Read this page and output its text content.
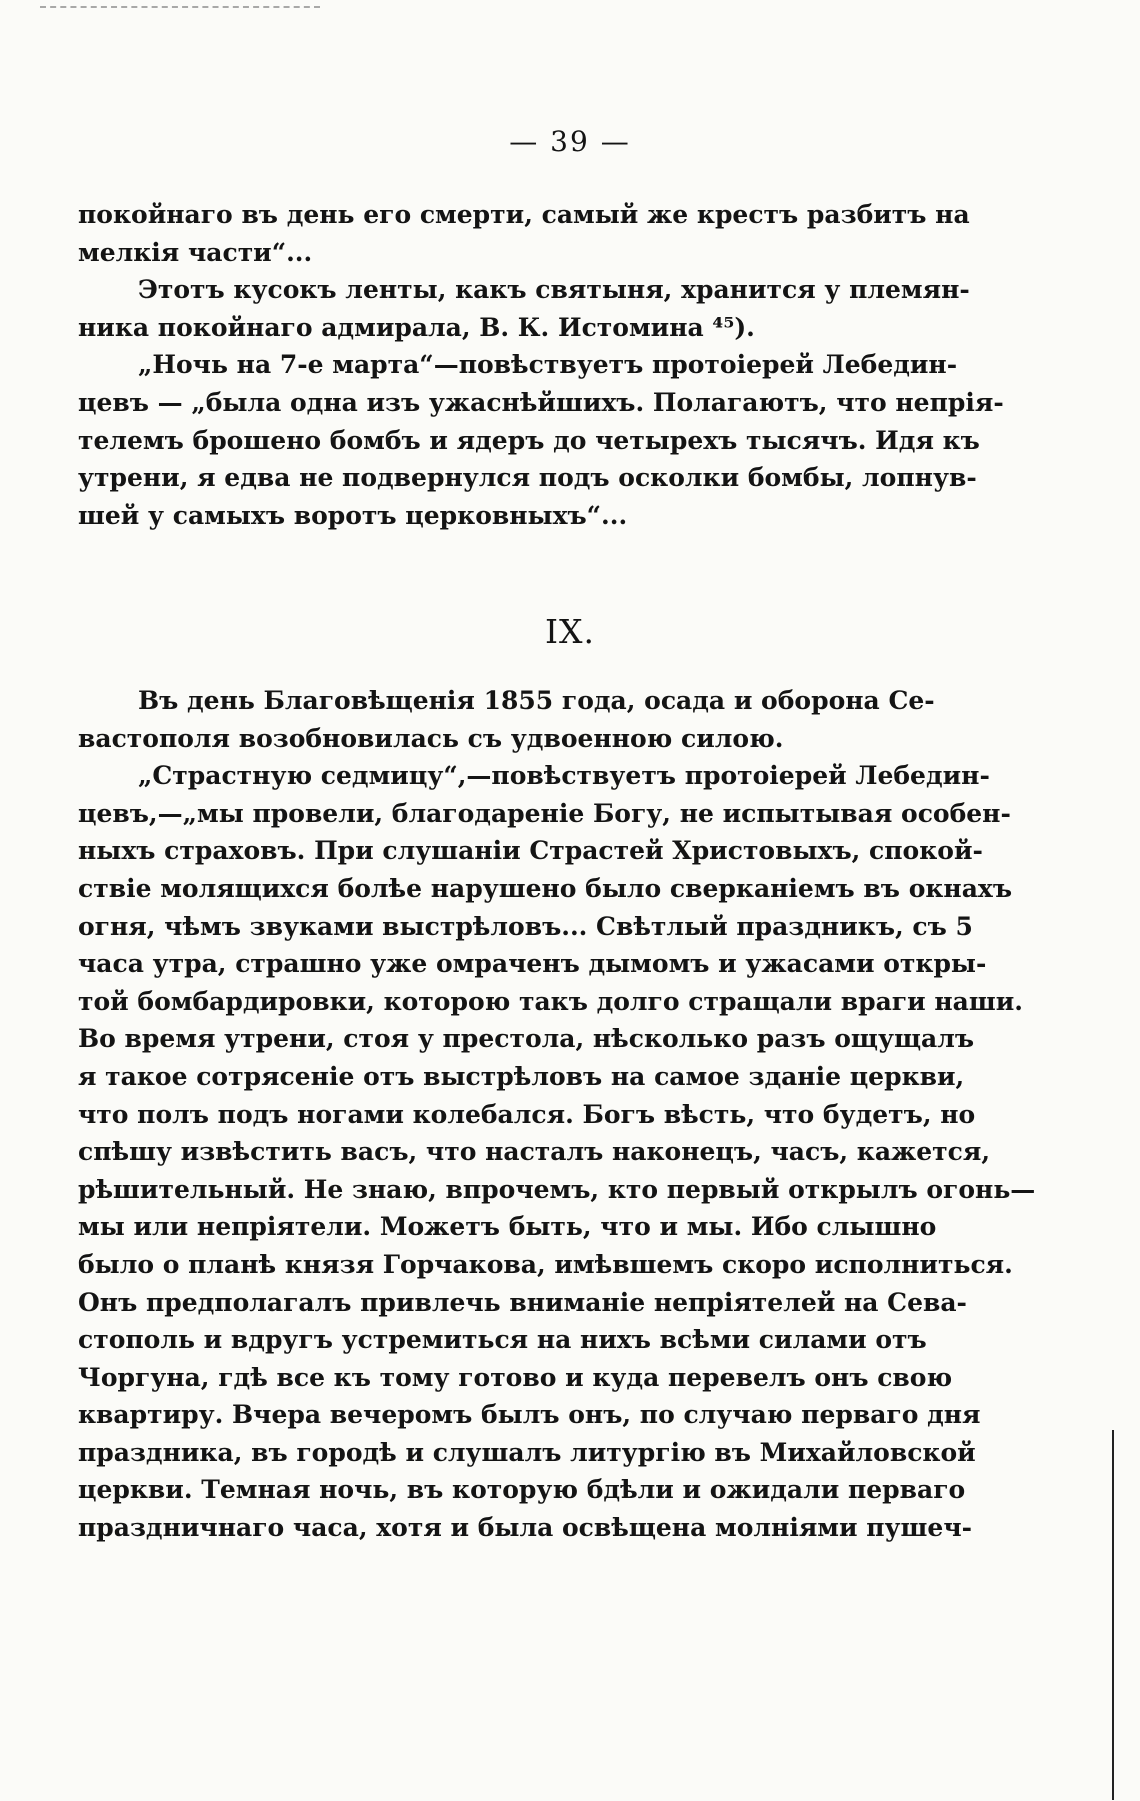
— 39 —
покойнаго въ день его смерти, самый же крестъ разбитъ на
мелкія части“...
Этотъ кусокъ ленты, какъ святыня, хранится у племян-
ника покойнаго адмирала, В. К. Истомина ⁴⁵).
„Ночь на 7-е марта“—повѣствуетъ протоіерей Лебедин-
цевъ — „была одна изъ ужаснѣйшихъ. Полагаютъ, что непрія-
телемъ брошено бомбъ и ядеръ до четырехъ тысячъ. Идя къ
утрени, я едва не подвернулся подъ осколки бомбы, лопнув-
шей у самыхъ воротъ церковныхъ“...
IX.
Въ день Благовѣщенія 1855 года, осада и оборона Се-
вастополя возобновилась съ удвоенною силою.
„Страстную седмицу“,—повѣствуетъ протоіерей Лебедин-
цевъ,—„мы провели, благодареніе Богу, не испытывая особен-
ныхъ страховъ. При слушаніи Страстей Христовыхъ, спокой-
ствіе молящихся болѣе нарушено было сверканіемъ въ окнахъ
огня, чѣмъ звуками выстрѣловъ... Свѣтлый праздникъ, съ 5
часа утра, страшно уже омраченъ дымомъ и ужасами откры-
той бомбардировки, которою такъ долго стращали враги наши.
Во время утрени, стоя у престола, нѣсколько разъ ощущалъ
я такое сотрясеніе отъ выстрѣловъ на самое зданіе церкви,
что полъ подъ ногами колебался. Богъ вѣсть, что будетъ, но
спѣшу извѣстить васъ, что насталъ наконецъ, часъ, кажется,
рѣшительный. Не знаю, впрочемъ, кто первый открылъ огонь—
мы или непріятели. Можетъ быть, что и мы. Ибо слышно
было о планѣ князя Горчакова, имѣвшемъ скоро исполниться.
Онъ предполагалъ привлечь вниманіе непріятелей на Сева-
стополь и вдругъ устремиться на нихъ всѣми силами отъ
Чоргуна, гдѣ все къ тому готово и куда перевелъ онъ свою
квартиру. Вчера вечеромъ былъ онъ, по случаю перваго дня
праздника, въ городѣ и слушалъ литургію въ Михайловской
церкви. Темная ночь, въ которую бдѣли и ожидали перваго
праздничнаго часа, хотя и была освѣщена молніями пушеч-
